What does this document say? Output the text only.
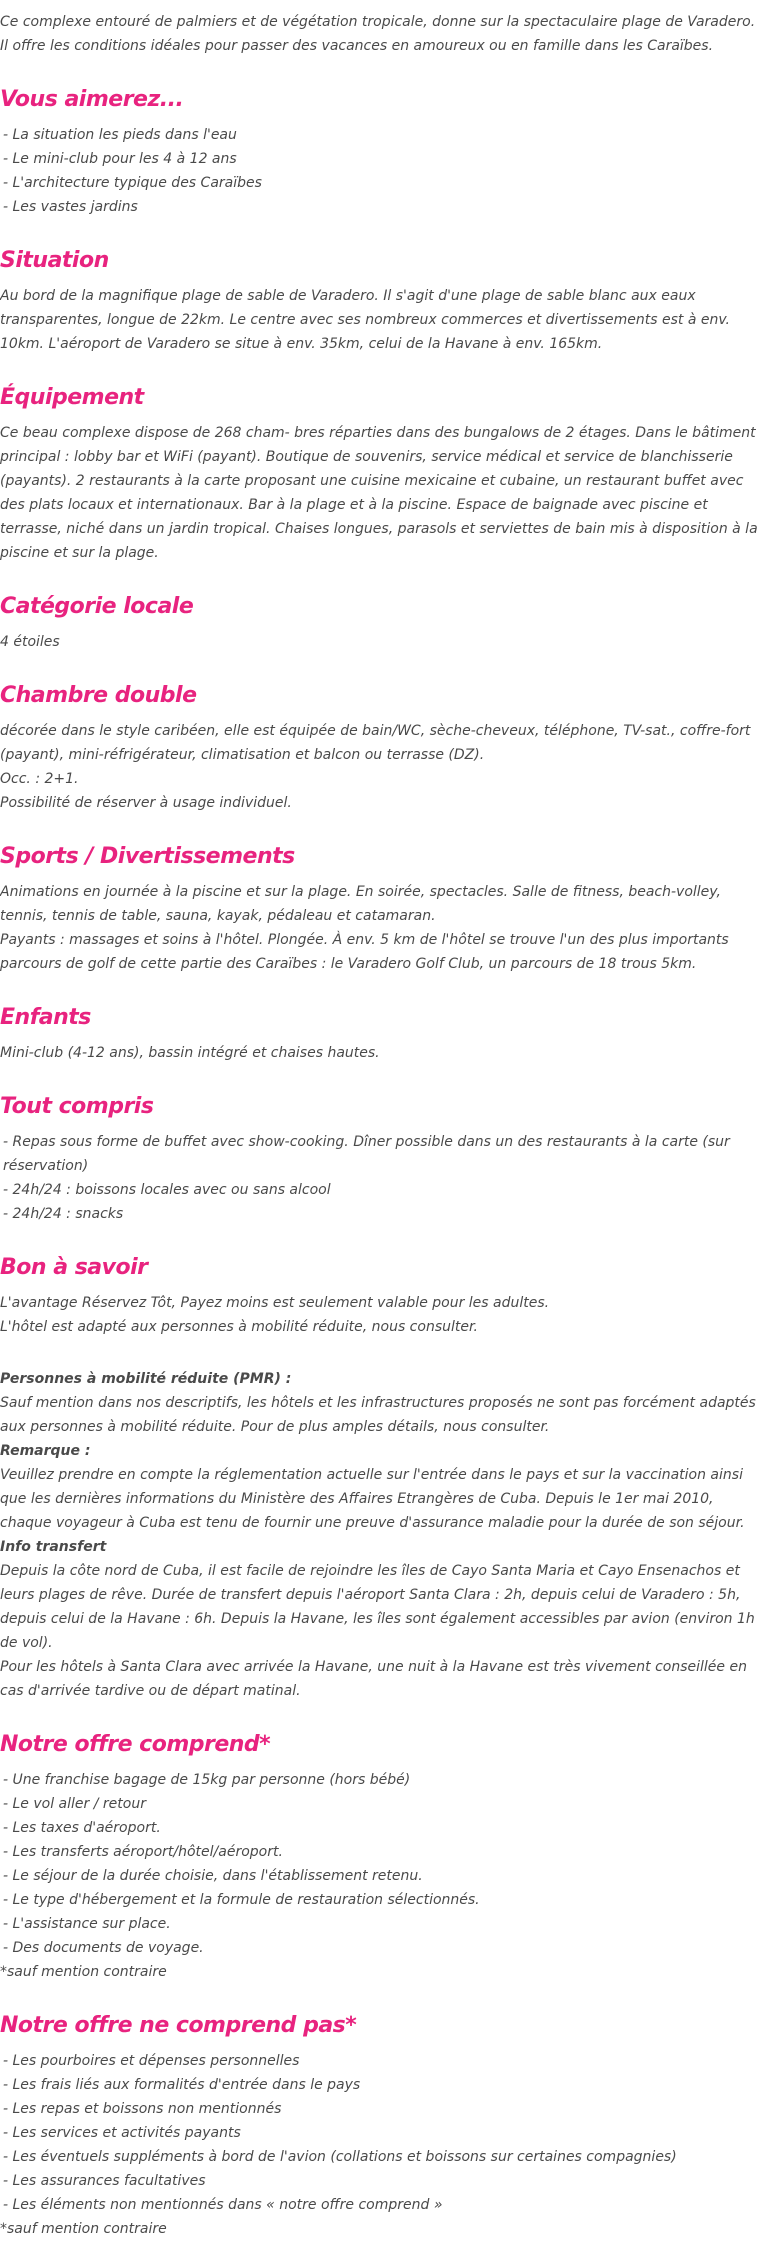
Ce complexe entouré de palmiers et de végétation tropicale, donne sur la spectaculaire plage de Varadero. Il offre les conditions idéales pour passer des vacances en amoureux ou en famille dans les Caraïbes.

Vous aimerez...
- La situation les pieds dans l'eau
- Le mini-club pour les 4 à 12 ans
- L'architecture typique des Caraïbes
- Les vastes jardins
Situation

Au bord de la magnifique plage de sable de Varadero. Il s'agit d'une plage de sable blanc aux eaux transparentes, longue de 22km. Le centre avec ses nombreux commerces et divertissements est à env. 10km. L'aéroport de Varadero se situe à env. 35km, celui de la Havane à env. 165km.

Équipement

Ce beau complexe dispose de 268 cham- bres réparties dans des bungalows de 2 étages. Dans le bâtiment principal : lobby bar et WiFi (payant). Boutique de souvenirs, service médical et service de blanchisserie (payants). 2 restaurants à la carte proposant une cuisine mexicaine et cubaine, un restaurant buffet avec des plats locaux et internationaux. Bar à la plage et à la piscine. Espace de baignade avec piscine et terrasse, niché dans un jardin tropical. Chaises longues, parasols et serviettes de bain mis à disposition à la piscine et sur la plage.

Catégorie locale

4 étoiles

Chambre double
décorée dans le style caribéen, elle est équipée de bain/WC, sèche-cheveux, téléphone, TV-sat., coffre-fort (payant), mini-réfrigérateur, climatisation et balcon ou terrasse (DZ).
Occ. : 2+1.
Possibilité de réserver à usage individuel.
Sports / Divertissements
Animations en journée à la piscine et sur la plage. En soirée, spectacles. Salle de fitness, beach-volley, tennis, tennis de table, sauna, kayak, pédaleau et catamaran.
Payants : massages et soins à l'hôtel. Plongée. À env. 5 km de l'hôtel se trouve l'un des plus importants parcours de golf de cette partie des Caraïbes : le Varadero Golf Club, un parcours de 18 trous 5km.
Enfants

Mini-club (4-12 ans), bassin intégré et chaises hautes.

Tout compris
- Repas sous forme de buffet avec show-cooking. Dîner possible dans un des restaurants à la carte (sur réservation)
- 24h/24 : boissons locales avec ou sans alcool
- 24h/24 : snacks
Bon à savoir
L'avantage Réservez Tôt, Payez moins est seulement valable pour les adultes.
L'hôtel est adapté aux personnes à mobilité réduite, nous consulter.
Personnes à mobilité réduite (PMR) :
Sauf mention dans nos descriptifs, les hôtels et les infrastructures proposés ne sont pas forcément adaptés aux personnes à mobilité réduite. Pour de plus amples détails, nous consulter.
Remarque :
Veuillez prendre en compte la réglementation actuelle sur l'entrée dans le pays et sur la vaccination ainsi que les dernières informations du Ministère des Affaires Etrangères de Cuba. Depuis le 1er mai 2010, chaque voyageur à Cuba est tenu de fournir une preuve d'assurance maladie pour la durée de son séjour.
Info transfert
Depuis la côte nord de Cuba, il est facile de rejoindre les îles de Cayo Santa Maria et Cayo Ensenachos et leurs plages de rêve. Durée de transfert depuis l'aéroport Santa Clara : 2h, depuis celui de Varadero : 5h, depuis celui de la Havane : 6h. Depuis la Havane, les îles sont également accessibles par avion (environ 1h de vol).
Pour les hôtels à Santa Clara avec arrivée la Havane, une nuit à la Havane est très vivement conseillée en cas d'arrivée tardive ou de départ matinal.
Notre offre comprend*
- Une franchise bagage de 15kg par personne (hors bébé)
- Le vol aller / retour
- Les taxes d'aéroport.
- Les transferts aéroport/hôtel/aéroport.
- Le séjour de la durée choisie, dans l'établissement retenu.
- Le type d'hébergement et la formule de restauration sélectionnés.
- L'assistance sur place.
- Des documents de voyage.
*sauf mention contraire
Notre offre ne comprend pas*
- Les pourboires et dépenses personnelles
- Les frais liés aux formalités d'entrée dans le pays
- Les repas et boissons non mentionnés
- Les services et activités payants
- Les éventuels suppléments à bord de l'avion (collations et boissons sur certaines compagnies)
- Les assurances facultatives
- Les éléments non mentionnés dans « notre offre comprend »
*sauf mention contraire
